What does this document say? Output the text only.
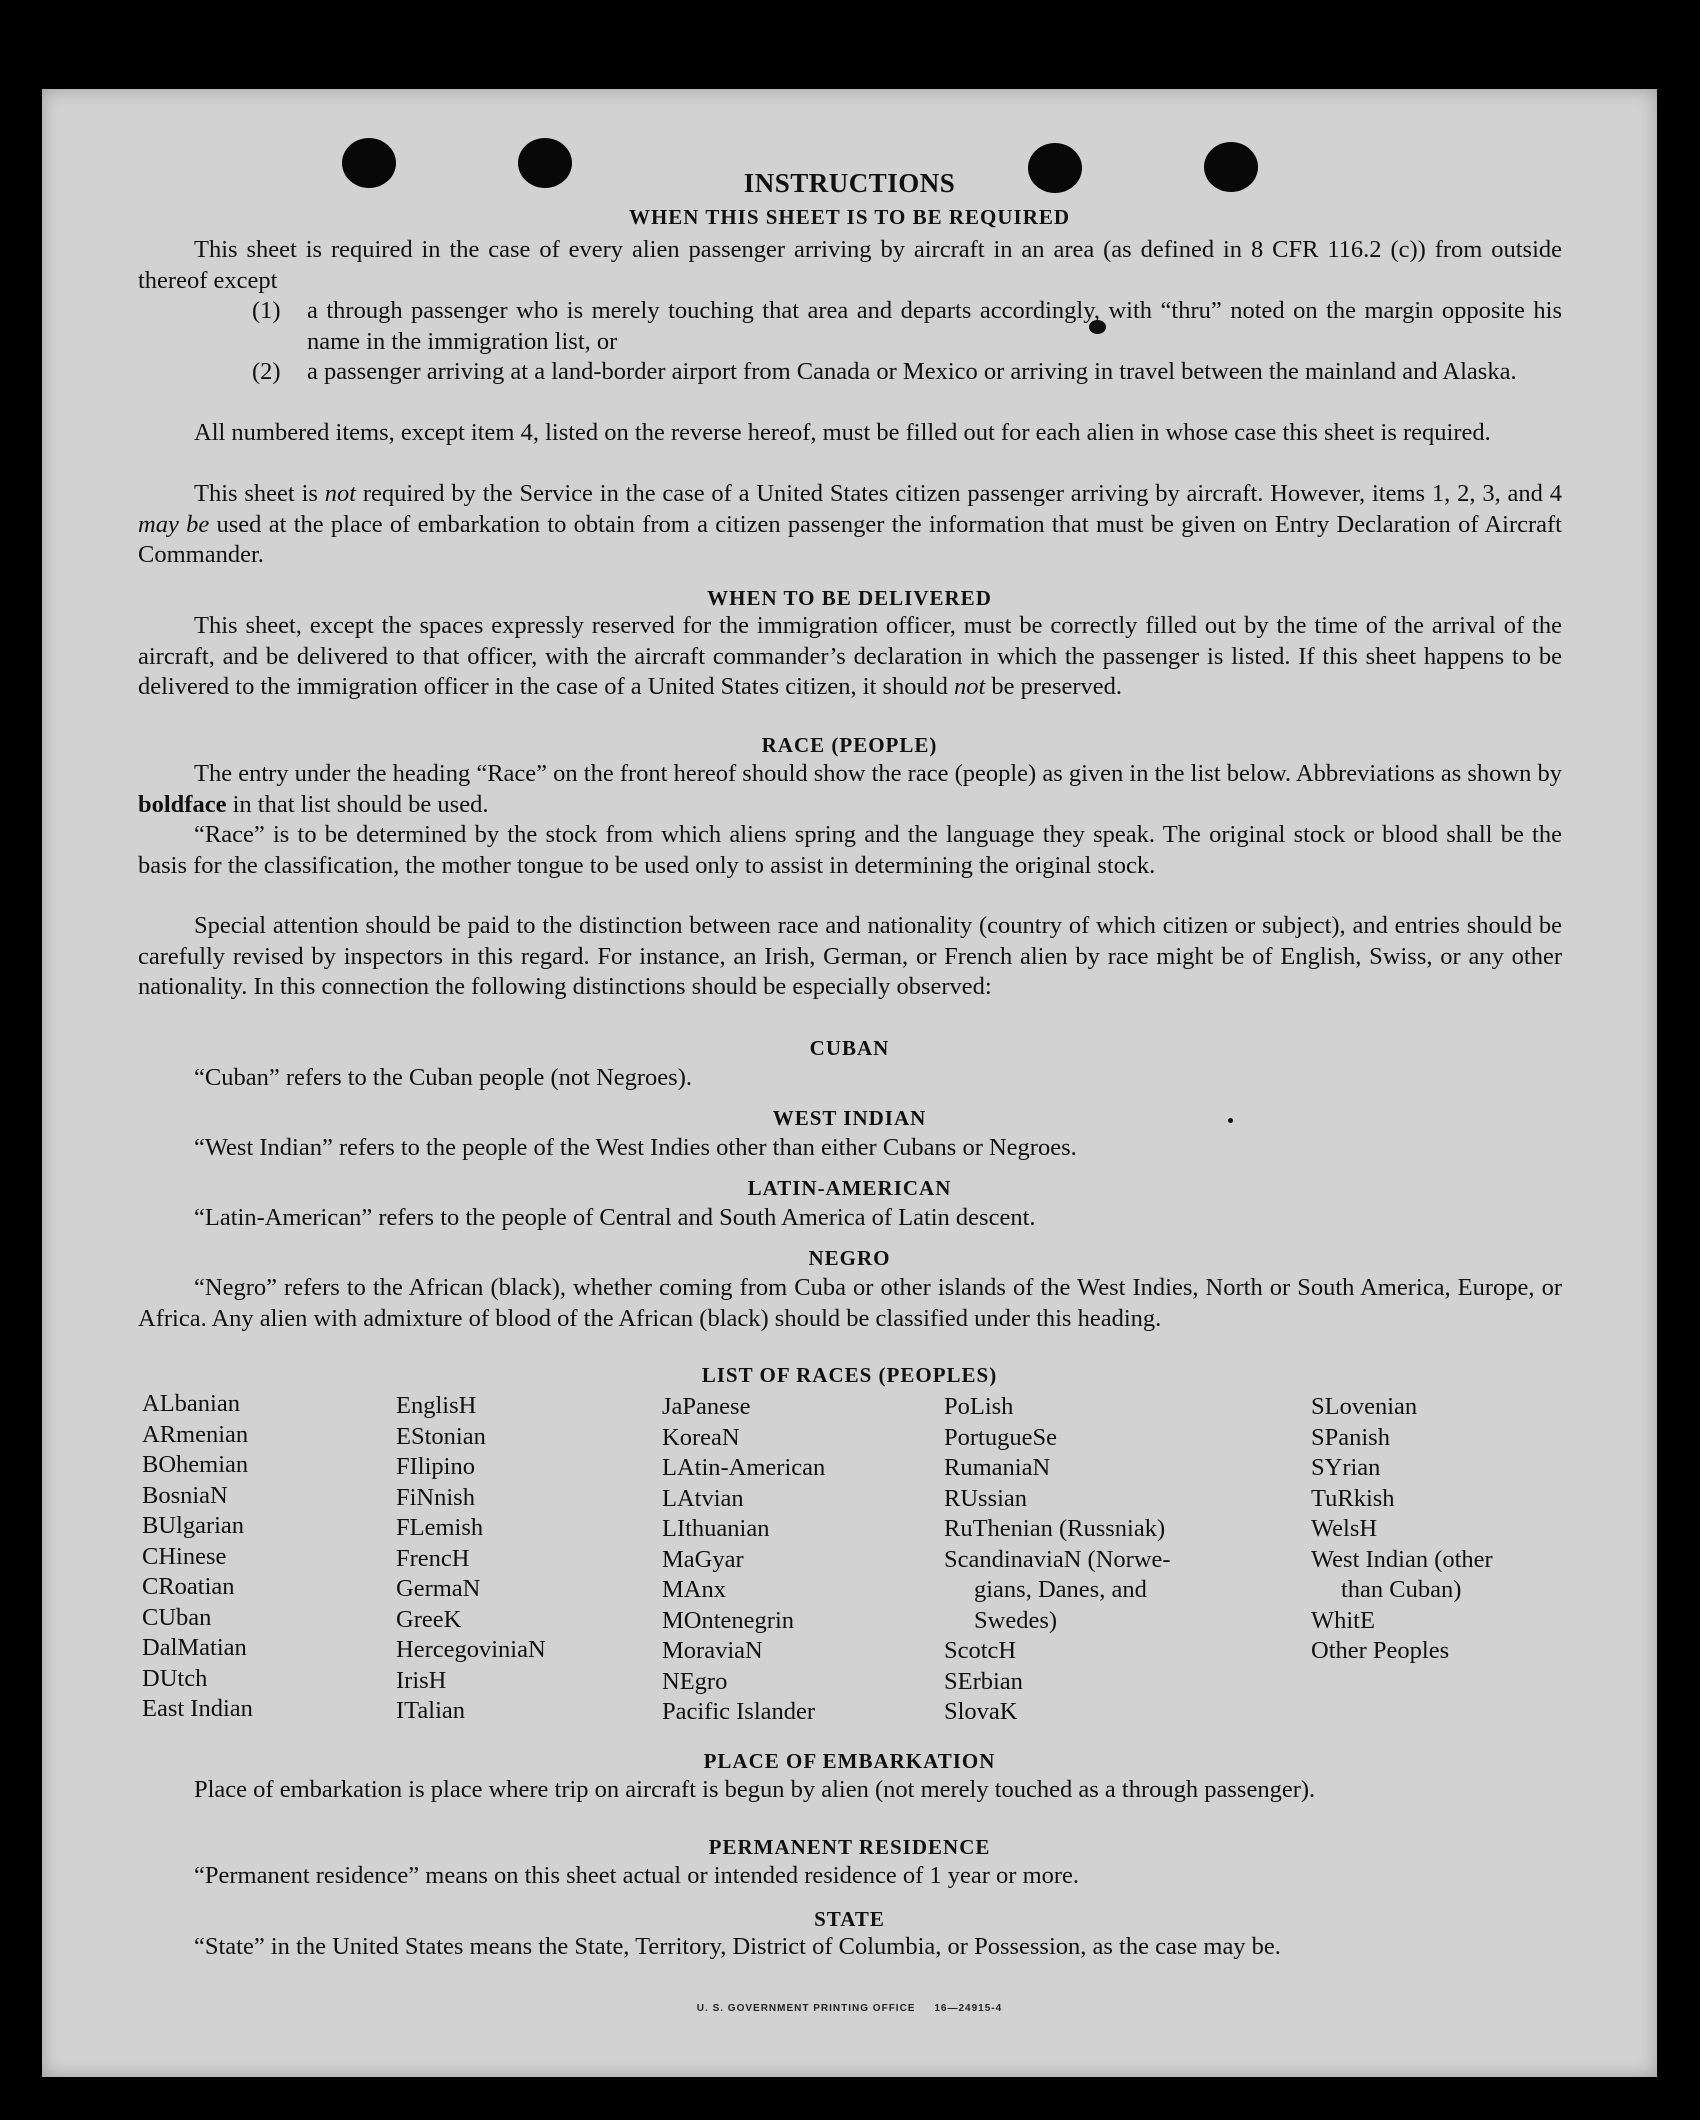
INSTRUCTIONS
WHEN THIS SHEET IS TO BE REQUIRED
This sheet is required in the case of every alien passenger arriving by aircraft in an area (as defined in 8 CFR 116.2 (c)) from outside thereof except
(1) a through passenger who is merely touching that area and departs accordingly, with “thru” noted on the margin opposite his name in the immigration list, or
(2) a passenger arriving at a land-border airport from Canada or Mexico or arriving in travel between the mainland and Alaska.
All numbered items, except item 4, listed on the reverse hereof, must be filled out for each alien in whose case this sheet is required.
This sheet is not required by the Service in the case of a United States citizen passenger arriving by aircraft. However, items 1, 2, 3, and 4 may be used at the place of embarkation to obtain from a citizen passenger the information that must be given on Entry Declaration of Aircraft Commander.
WHEN TO BE DELIVERED
This sheet, except the spaces expressly reserved for the immigration officer, must be correctly filled out by the time of the arrival of the aircraft, and be delivered to that officer, with the aircraft commander’s declaration in which the passenger is listed. If this sheet happens to be delivered to the immigration officer in the case of a United States citizen, it should not be preserved.
RACE (PEOPLE)
The entry under the heading “Race” on the front hereof should show the race (people) as given in the list below. Abbreviations as shown by boldface in that list should be used.
“Race” is to be determined by the stock from which aliens spring and the language they speak. The original stock or blood shall be the basis for the classification, the mother tongue to be used only to assist in determining the original stock.
Special attention should be paid to the distinction between race and nationality (country of which citizen or subject), and entries should be carefully revised by inspectors in this regard. For instance, an Irish, German, or French alien by race might be of English, Swiss, or any other nationality. In this connection the following distinctions should be especially observed:
CUBAN
“Cuban” refers to the Cuban people (not Negroes).
WEST INDIAN
“West Indian” refers to the people of the West Indies other than either Cubans or Negroes.
LATIN-AMERICAN
“Latin-American” refers to the people of Central and South America of Latin descent.
NEGRO
“Negro” refers to the African (black), whether coming from Cuba or other islands of the West Indies, North or South America, Europe, or Africa. Any alien with admixture of blood of the African (black) should be classified under this heading.
LIST OF RACES (PEOPLES)
ALbanian
ARmenian
BOhemian
BosniaN
BUlgarian
CHinese
CRoatian
CUban
DalMatian
DUtch
East Indian
EnglisH
EStonian
FIlipino
FiNnish
FLemish
FrencH
GermaN
GreeK
HercegoviniaN
IrisH
ITalian
JaPanese
KoreaN
LAtin-American
LAtvian
LIthuanian
MaGyar
MAnx
MOntenegrin
MoraviaN
NEgro
Pacific Islander
PoLish
PortugueSe
RumaniaN
RUssian
RuThenian (Russniak)
ScandinaviaN (Norwe-
gians, Danes, and
Swedes)
ScotcH
SErbian
SlovaK
SLovenian
SPanish
SYrian
TuRkish
WelsH
West Indian (other
than Cuban)
WhitE
Other Peoples
PLACE OF EMBARKATION
Place of embarkation is place where trip on aircraft is begun by alien (not merely touched as a through passenger).
PERMANENT RESIDENCE
“Permanent residence” means on this sheet actual or intended residence of 1 year or more.
STATE
“State” in the United States means the State, Territory, District of Columbia, or Possession, as the case may be.
U. S. GOVERNMENT PRINTING OFFICE     16—24915-4
